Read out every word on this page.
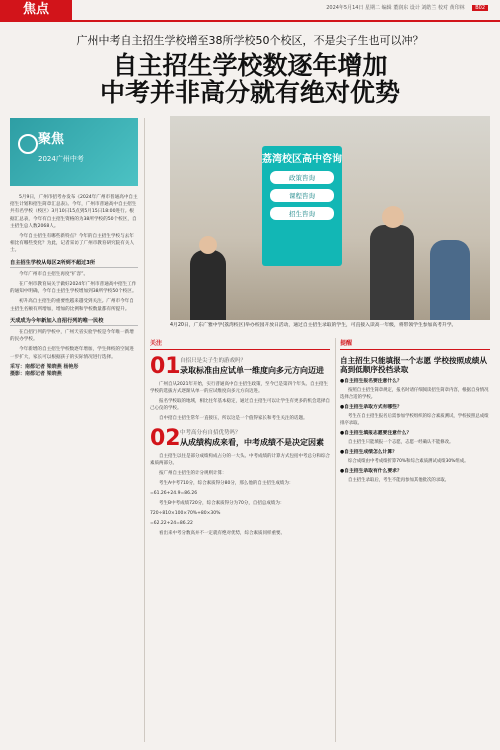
焦点	2024年5月14日 星期二 编辑 董润东 设计 刘皓兰 校对 黄印林 B02
广州中考自主招生学校增至38所学校50个校区，不是尖子生也可以冲？
自主招生学校数逐年增加
中考并非高分就有绝对优势
聚焦
2024广州中考

5月9日，广州市招考办发布《2024年广州市普通高中自主招生计划和招生简章汇总表》。今年，广州市普通高中自主招生共有名学校（校区）3月10日15点到5月15日18:00进行。根据汇总表，今年有自主招生资格的为38所学校的50个校区，自主招生总人数2068人。

今年自主招生有哪些新特点？今年的自主招生学校与去年相比有哪些变化？为此，记者采访了广州市教育研究院有关人士。

自主招生学校从每区2所到不超过3所

今年广州市自主招生再度“扩容”。

在广州市教育局关于做好2024年广州市普通高中招生工作的通知中明确，今年自主招生学校增加到38所学校50个校区。

初升高自主招生的重要性越来越受到关注。广州市今年自主招生名额有所增加，增加的比例和学校数量都有所提升。

天成成为今年新加入自招行列的唯一民校

在自招行列的学校中，广州天省实验学校是今年唯一新增的民办学校。

今年新增的自主招生学校数逐年增加，学生择校的空间进一步扩大，家长可以根据孩子的实际情况进行选择。

采写：南都记者 梁晓燕 杨艳彤
摄影：南都记者 梁晓燕
荔湾校区高中咨询
政策咨询
课程咨询
招生咨询
4月20日，广东广雅中学(荔湾校区)举办校园开放日活动，通过自主招生录取的学生，可直接入读高一年级，将带领学生参加高考升学。
关注
01 自招只是尖子生的游戏吗？
录取标准由应试单一维度向多元方向迈进

广州自从2021年开始，实行普通高中自主招生政策，至今已是第四个年头。自主招生学校的选拔方式逐渐从单一的应试维度向多元方向迈进。

报名学校取的地域，相比往年基本稳定，通过自主招生可以让学生有更多的机会选择自己心仪的学校。

自中招自主招生常年一直接压，所以这是一个值得家长和考生关注的话题。

02 中考高分有自招优势吗？
从成绩构成来看，中考成绩不是决定因素

自主招生以往是部分成绩构成占分的一大头。中考成绩的计算方式包括中考总分和综合素质两部分。

按广州自主招生的计分规则计算：

考生A中考710分，综合素质得分80分，那么他的自主招生成绩为：

=61.26+24.9=86.26

考生B中考成绩720分，综合素质得分为70分，自招总成绩为：

720÷810×100×70%+80×30%

=62.22+24=86.22

看出来中考分数高并不一定就有绝对优势，综合素质同样重要。

提醒
自主招生只能填报一个志愿 学校按照成绩从高到低顺序投档录取

●自主招生报名要注意什么？

按照自主招生简章规定，报名时请仔细阅读招生简章内容，根据自身情况选择合适的学校。

●自主招生录取方式有哪些？

考生在自主招生报名后需参加学校组织的综合素质测试，学校按照总成绩排序录取。

●自主招生填报志愿要注意什么？

自主招生只能填报一个志愿，志愿一经确认不能修改。

●自主招生成绩怎么计算？

综合成绩由中考成绩折算70%和综合素质测试成绩30%组成。

●自主招生录取有什么要求？

自主招生录取后，考生不能再参加其他批次的录取。
